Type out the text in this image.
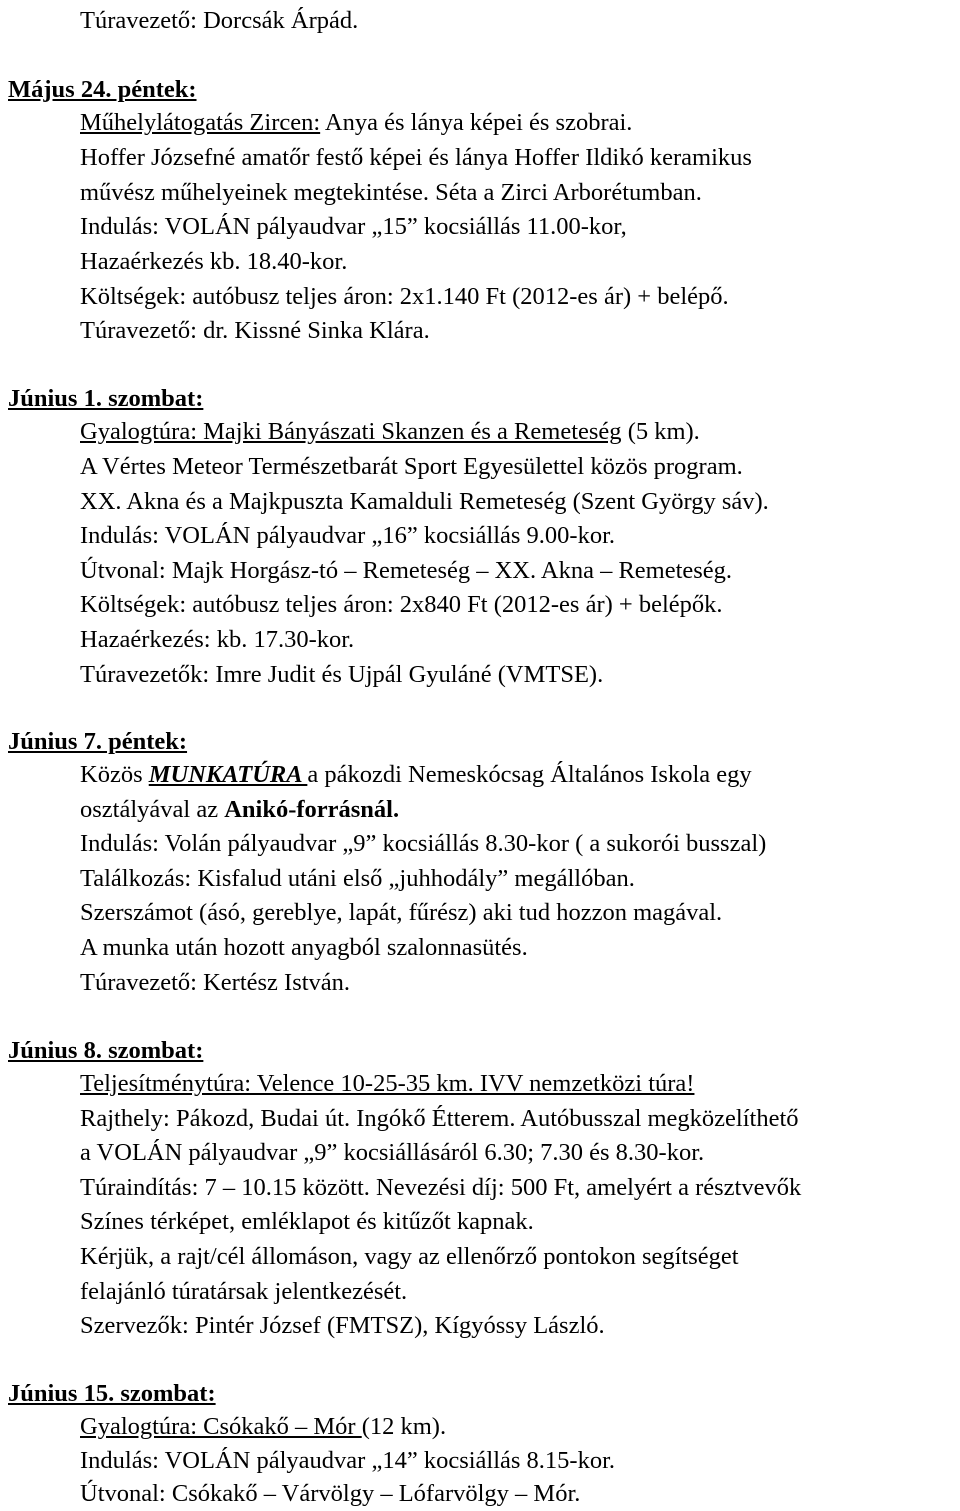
Túravezető: Dorcsák Árpád.
Május 24. péntek:
Műhelylátogatás Zircen: Anya és lánya képei és szobrai.
Hoffer Józsefné amatőr festő képei és lánya Hoffer Ildikó keramikus
művész műhelyeinek megtekintése. Séta a Zirci Arborétumban.
Indulás: VOLÁN pályaudvar „15” kocsiállás 11.00-kor,
Hazaérkezés kb. 18.40-kor.
Költségek: autóbusz teljes áron: 2x1.140 Ft (2012-es ár) + belépő.
Túravezető: dr. Kissné Sinka Klára.
Június 1. szombat:
Gyalogtúra: Majki Bányászati Skanzen és a Remeteség (5 km).
A Vértes Meteor Természetbarát Sport Egyesülettel közös program.
XX. Akna és a Majkpuszta Kamalduli Remeteség (Szent György sáv).
Indulás: VOLÁN pályaudvar „16” kocsiállás 9.00-kor.
Útvonal: Majk Horgász-tó – Remeteség – XX. Akna – Remeteség.
Költségek: autóbusz teljes áron: 2x840 Ft (2012-es ár) + belépők.
Hazaérkezés: kb. 17.30-kor.
Túravezetők: Imre Judit és Ujpál Gyuláné (VMTSE).
Június 7. péntek:
Közös MUNKATÚRA a pákozdi Nemeskócsag Általános Iskola egy
osztályával az Anikó-forrásnál.
Indulás: Volán pályaudvar „9” kocsiállás 8.30-kor ( a sukorói busszal)
Találkozás: Kisfalud utáni első „juhhodály” megállóban.
Szerszámot (ásó, gereblye, lapát, fűrész) aki tud hozzon magával.
A munka után hozott anyagból szalonnasütés.
Túravezető: Kertész István.
Június 8. szombat:
Teljesítménytúra: Velence 10-25-35 km. IVV nemzetközi túra!
Rajthely: Pákozd, Budai út. Ingókő Étterem. Autóbusszal megközelíthető
a VOLÁN pályaudvar „9” kocsiállásáról 6.30; 7.30 és 8.30-kor.
Túraindítás: 7 – 10.15 között. Nevezési díj: 500 Ft, amelyért a résztvevők
Színes térképet, emléklapot és kitűzőt kapnak.
Kérjük, a rajt/cél állomáson, vagy az ellenőrző pontokon segítséget
felajánló túratársak jelentkezését.
Szervezők: Pintér József (FMTSZ), Kígyóssy László.
Június 15. szombat:
Gyalogtúra: Csókakő – Mór (12 km).
Indulás: VOLÁN pályaudvar „14” kocsiállás 8.15-kor.
Útvonal: Csókakő – Várvölgy – Lófarvölgy – Mór.
